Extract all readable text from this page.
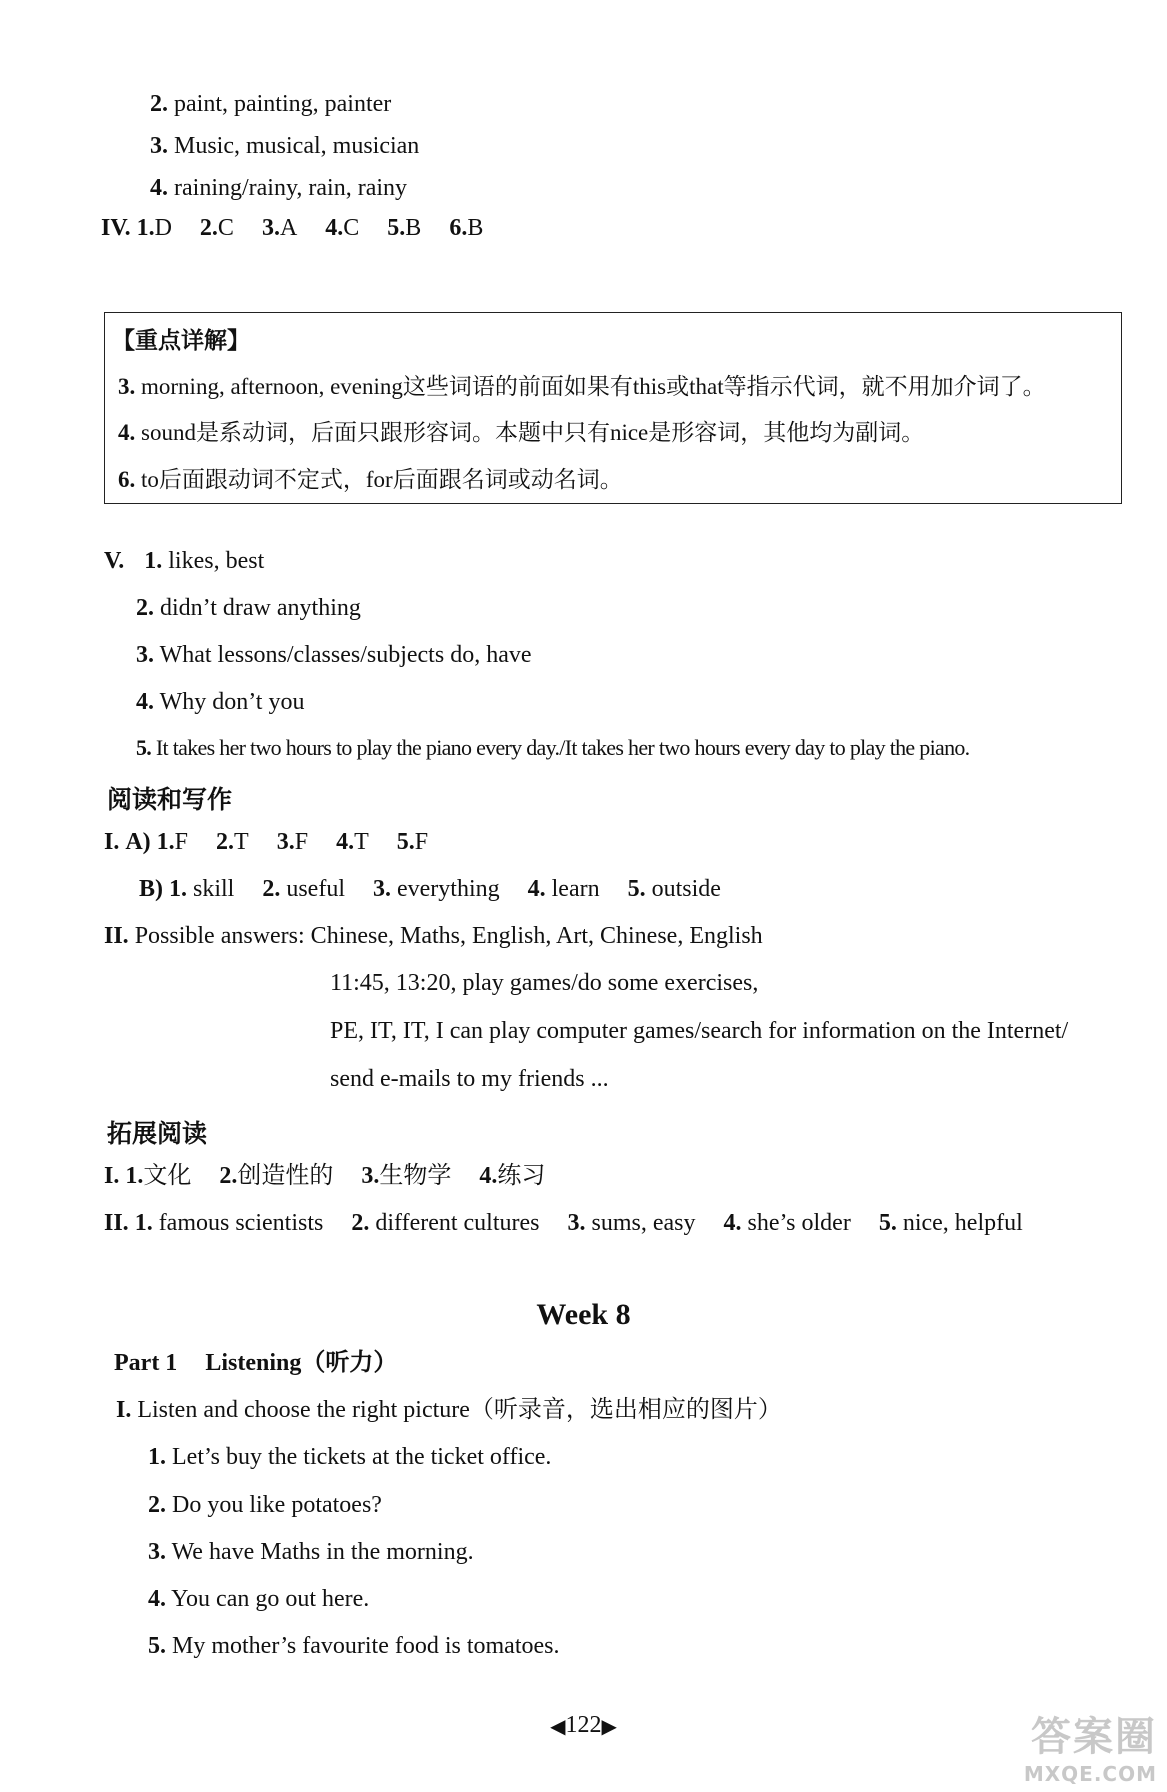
2. paint, painting, painter
3. Music, musical, musician
4. raining/rainy, rain, rainy
IV. 1.D 2.C 3.A 4.C 5.B 6.B
【重点详解】
3. morning, afternoon, evening这些词语的前面如果有this或that等指示代词，就不用加介词了。
4. sound是系动词，后面只跟形容词。本题中只有nice是形容词，其他均为副词。
6. to后面跟动词不定式，for后面跟名词或动名词。
V. 1. likes, best
2. didn’t draw anything
3. What lessons/classes/subjects do, have
4. Why don’t you
5. It takes her two hours to play the piano every day./It takes her two hours every day to play the piano.
阅读和写作
I. A) 1.F 2.T 3.F 4.T 5.F
B) 1. skill 2. useful 3. everything 4. learn 5. outside
II. Possible answers: Chinese, Maths, English, Art, Chinese, English
11:45, 13:20, play games/do some exercises,
PE, IT, IT, I can play computer games/search for information on the Internet/
send e-mails to my friends ...
拓展阅读
I. 1.文化 2.创造性的 3.生物学 4.练习
II. 1. famous scientists 2. different cultures 3. sums, easy 4. she’s older 5. nice, helpful
Week 8
Part 1 Listening（听力）
I. Listen and choose the right picture（听录音，选出相应的图片）
1. Let’s buy the tickets at the ticket office.
2. Do you like potatoes?
3. We have Maths in the morning.
4. You can go out here.
5. My mother’s favourite food is tomatoes.
◀122▶	答案圈
MXQE.COM
